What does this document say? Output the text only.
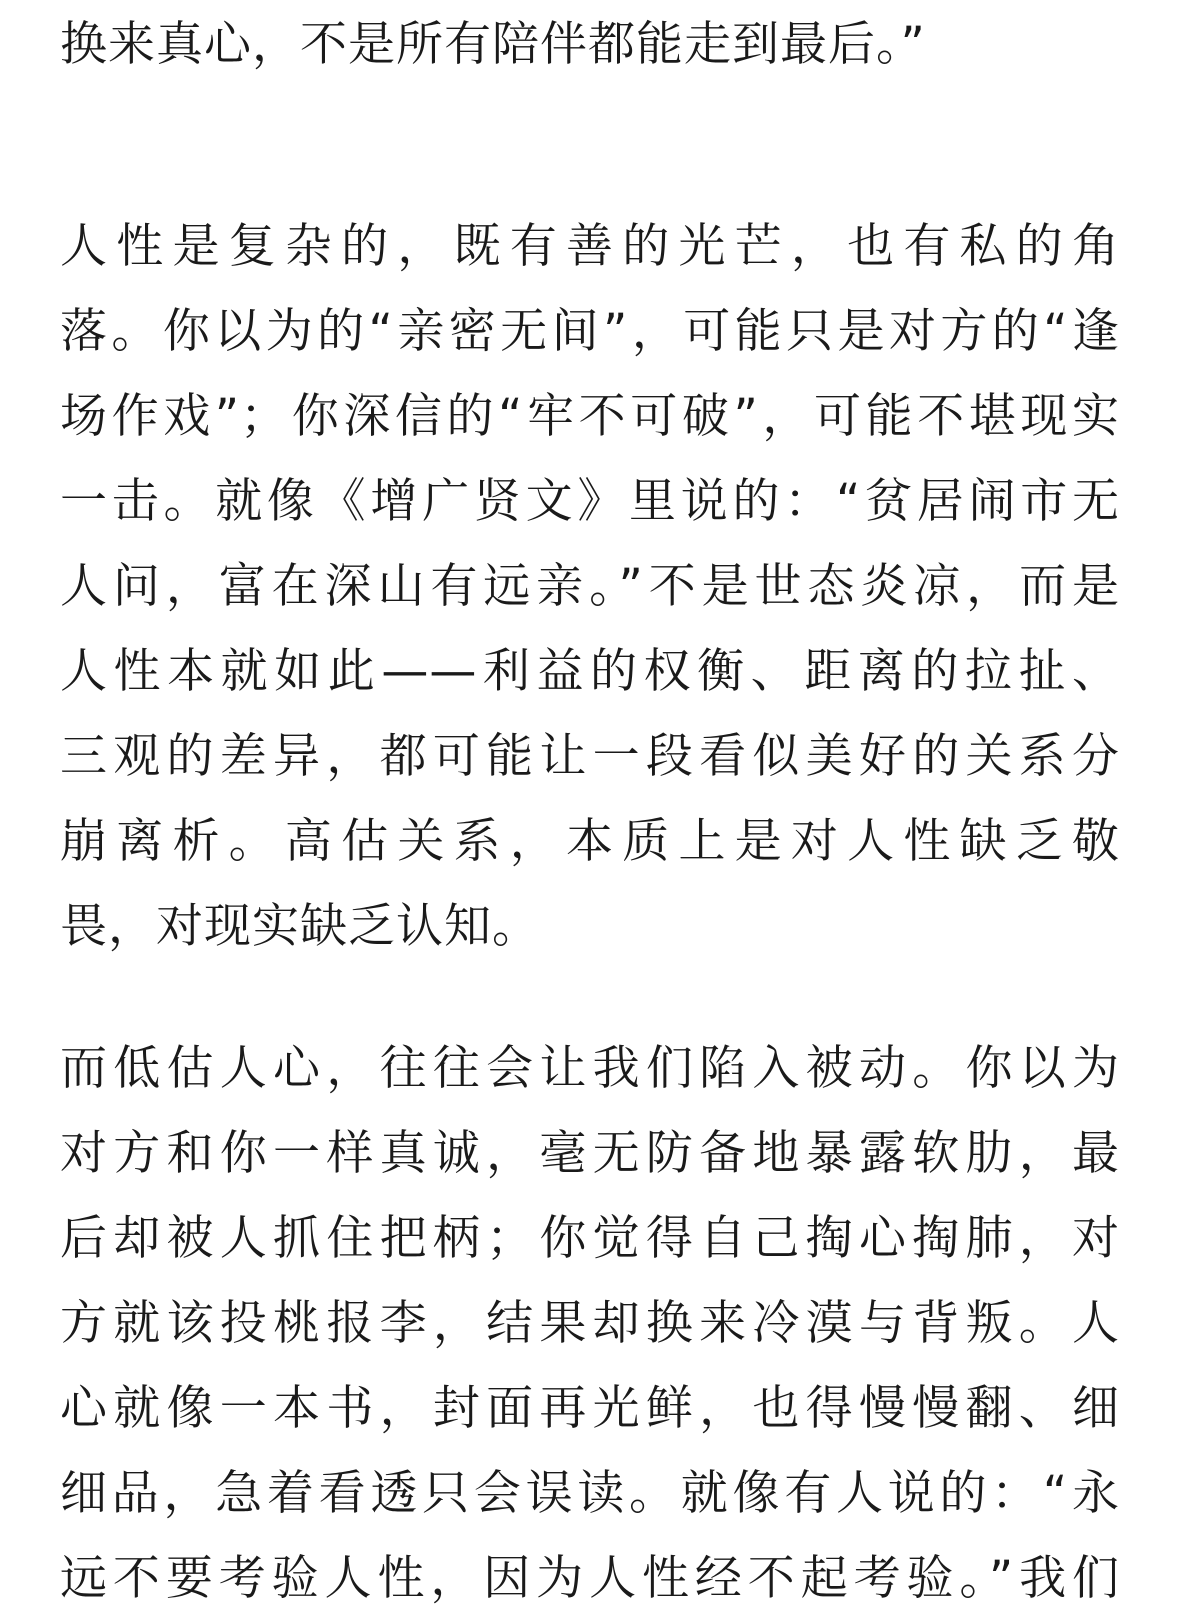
换来真心，不是所有陪伴都能走到最后。”
人性是复杂的，既有善的光芒，也有私的角
落。你以为的“亲密无间”，可能只是对方的“逢
场作戏”；你深信的“牢不可破”，可能不堪现实
一击。就像《增广贤文》里说的：“贫居闹市无
人问，富在深山有远亲。”不是世态炎凉，而是
人性本就如此——利益的权衡、距离的拉扯、
三观的差异，都可能让一段看似美好的关系分
崩离析。高估关系，本质上是对人性缺乏敬
畏，对现实缺乏认知。
而低估人心，往往会让我们陷入被动。你以为
对方和你一样真诚，毫无防备地暴露软肋，最
后却被人抓住把柄；你觉得自己掏心掏肺，对
方就该投桃报李，结果却换来冷漠与背叛。人
心就像一本书，封面再光鲜，也得慢慢翻、细
细品，急着看透只会误读。就像有人说的：“永
远不要考验人性，因为人性经不起考验。”我们
